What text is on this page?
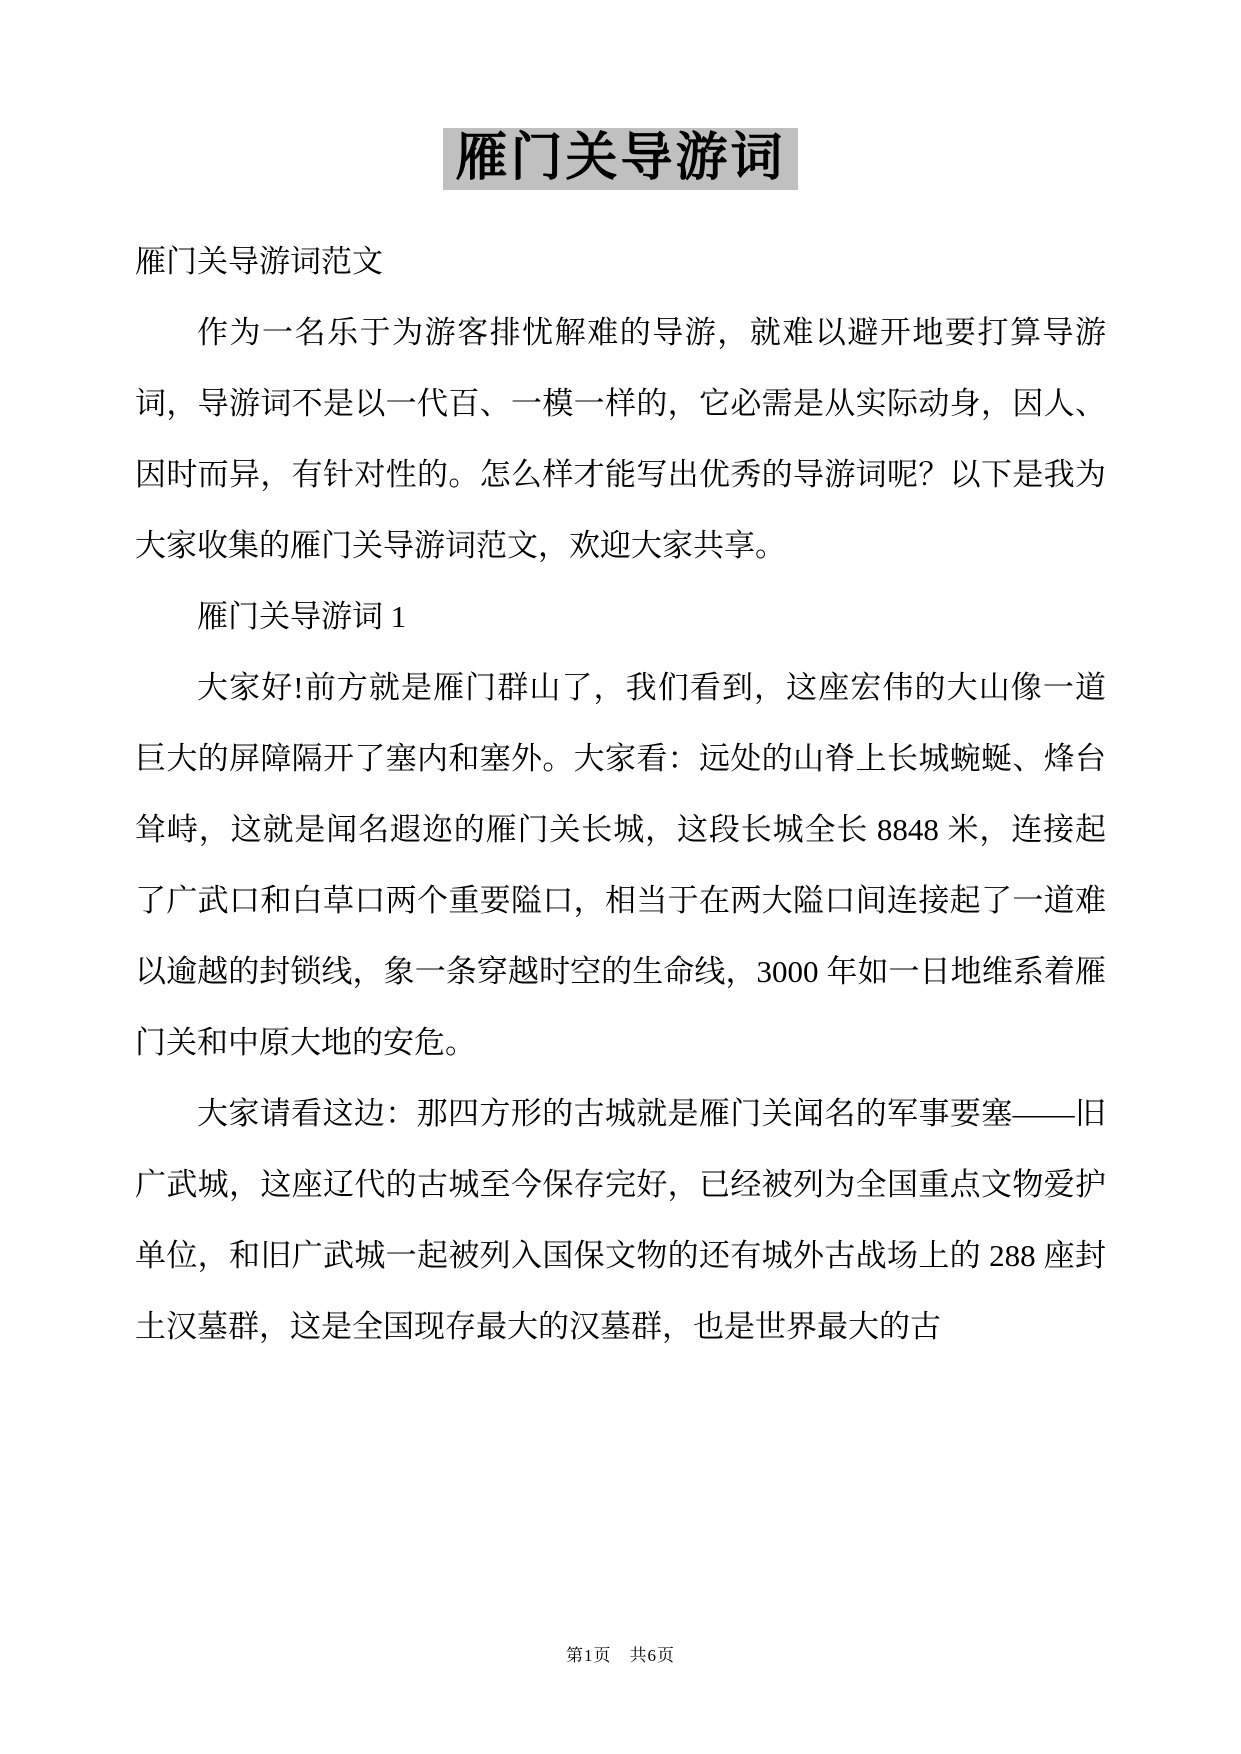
雁门关导游词

雁门关导游词范文

作为一名乐于为游客排忧解难的导游，就难以避开地要打算导游词，导游词不是以一代百、一模一样的，它必需是从实际动身，因人、因时而异，有针对性的。怎么样才能写出优秀的导游词呢？以下是我为大家收集的雁门关导游词范文，欢迎大家共享。

雁门关导游词 1

大家好!前方就是雁门群山了，我们看到，这座宏伟的大山像一道巨大的屏障隔开了塞内和塞外。大家看：远处的山脊上长城蜿蜒、烽台耸峙，这就是闻名遐迩的雁门关长城，这段长城全长 8848 米，连接起了广武口和白草口两个重要隘口，相当于在两大隘口间连接起了一道难以逾越的封锁线，象一条穿越时空的生命线，3000 年如一日地维系着雁门关和中原大地的安危。

大家请看这边：那四方形的古城就是雁门关闻名的军事要塞——旧广武城，这座辽代的古城至今保存完好，已经被列为全国重点文物爱护单位，和旧广武城一起被列入国保文物的还有城外古战场上的 288 座封土汉墓群，这是全国现存最大的汉墓群，也是世界最大的古

第1页　共6页
